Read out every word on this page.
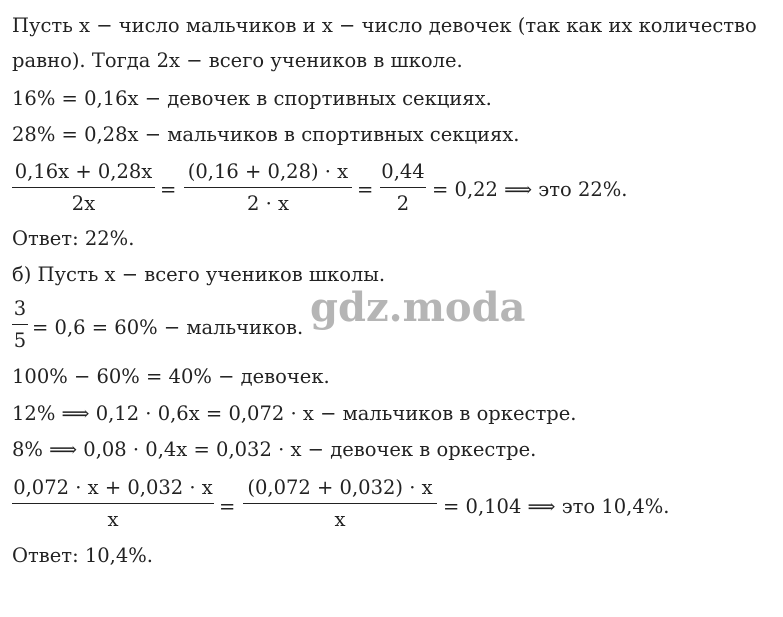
Пусть x − число мальчиков и x − число девочек (так как их количество
равно). Тогда 2x − всего учеников в школе.
16% = 0,16x − девочек в спортивных секциях.
28% = 0,28x − мальчиков в спортивных секциях.
0,16x + 0,28x
2x
=
(0,16 + 0,28) · x
2 · x
=
0,44
2
= 0,22 ⟹ это 22%.
Ответ: 22%.
б) Пусть x − всего учеников школы.
3
5
= 0,6 = 60% − мальчиков.
100% − 60% = 40% − девочек.
12% ⟹ 0,12 · 0,6x = 0,072 · x − мальчиков в оркестре.
8% ⟹ 0,08 · 0,4x = 0,032 · x − девочек в оркестре.
0,072 · x + 0,032 · x
x
=
(0,072 + 0,032) · x
x
= 0,104 ⟹ это 10,4%.
Ответ: 10,4%.
gdz.moda
